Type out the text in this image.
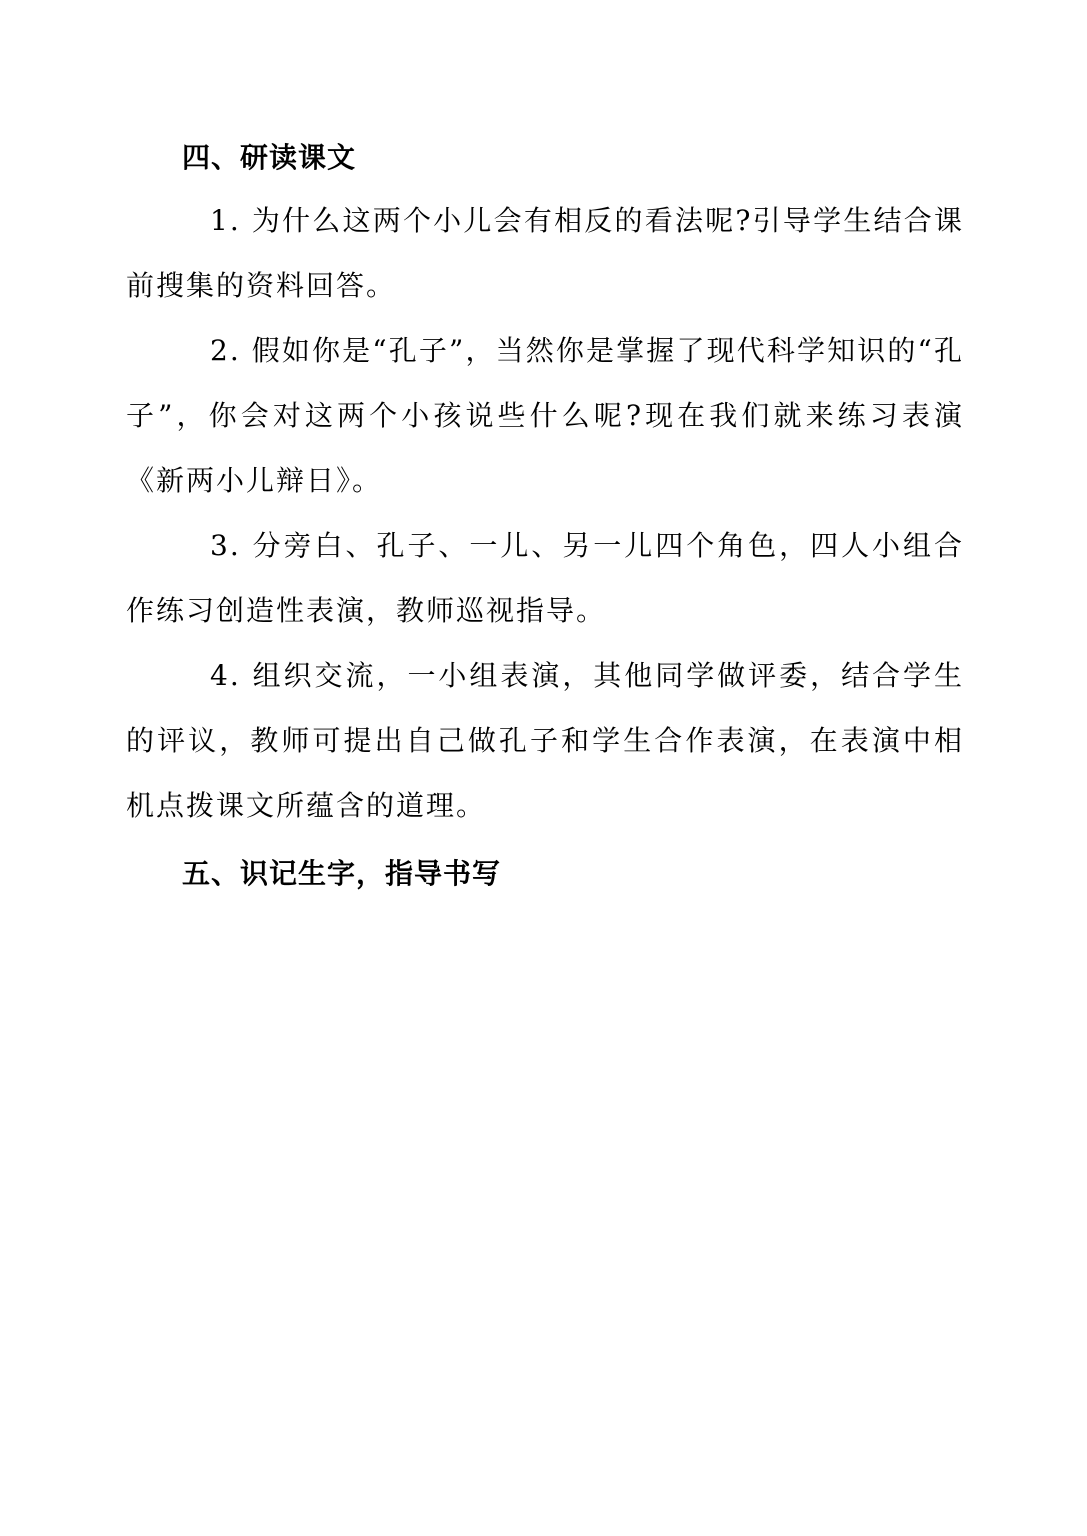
四、研读课文

1. 为什么这两个小儿会有相反的看法呢?引导学生结合课前搜集的资料回答。

2. 假如你是“孔子”，当然你是掌握了现代科学知识的“孔子”，你会对这两个小孩说些什么呢?现在我们就来练习表演《新两小儿辩日》。

3. 分旁白、孔子、一儿、另一儿四个角色，四人小组合作练习创造性表演，教师巡视指导。

4. 组织交流，一小组表演，其他同学做评委，结合学生的评议，教师可提出自己做孔子和学生合作表演，在表演中相机点拨课文所蕴含的道理。

五、识记生字，指导书写
